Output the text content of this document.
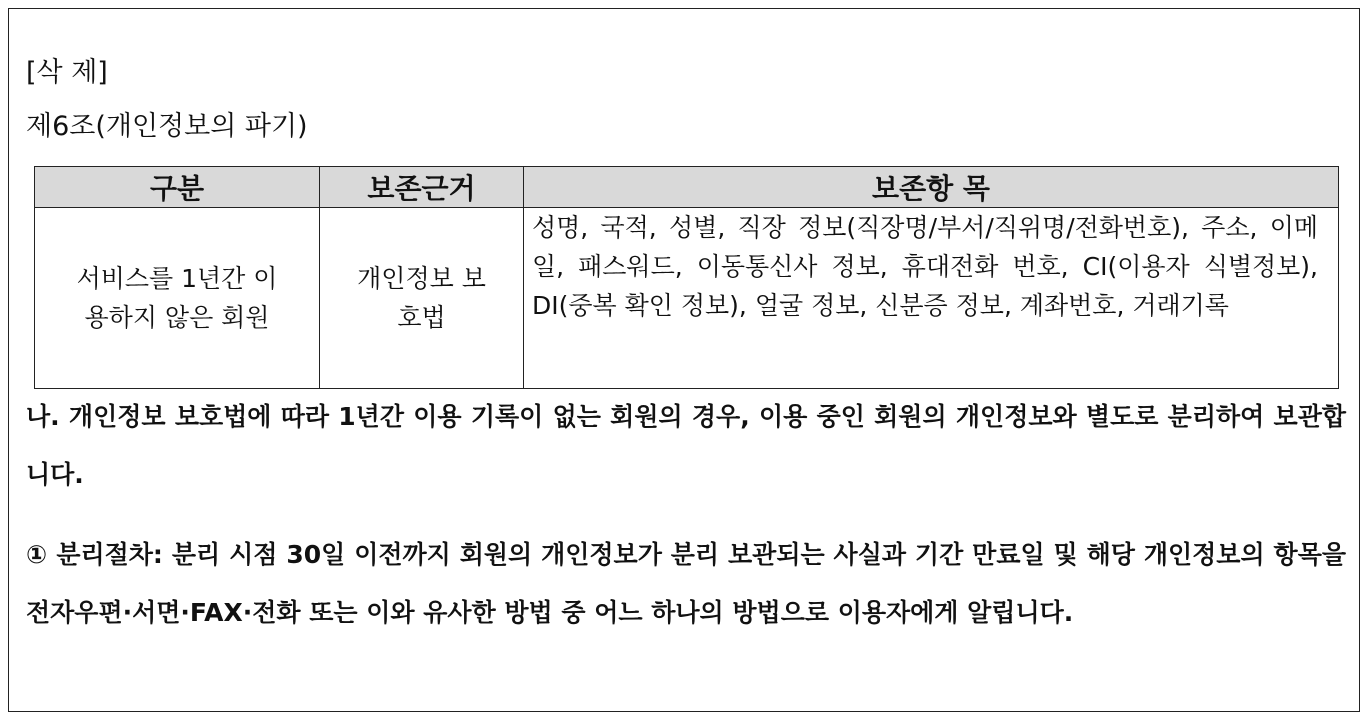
[삭 제]
제6조(개인정보의 파기)
구분	보존근거	보존항 목
서비스를 1년간 이용하지 않은 회원	개인정보 보호법	성명, 국적, 성별, 직장 정보(직장명/부서/직위명/전화번호), 주소, 이메일, 패스워드, 이동통신사 정보, 휴대전화 번호, CI(이용자 식별정보), DI(중복 확인 정보), 얼굴 정보, 신분증 정보, 계좌번호, 거래기록
나. 개인정보 보호법에 따라 1년간 이용 기록이 없는 회원의 경우, 이용 중인 회원의 개인정보와 별도로 분리하여 보관합니다.
① 분리절차: 분리 시점 30일 이전까지 회원의 개인정보가 분리 보관되는 사실과 기간 만료일 및 해당 개인정보의 항목을 전자우편·서면·FAX·전화 또는 이와 유사한 방법 중 어느 하나의 방법으로 이용자에게 알립니다.
